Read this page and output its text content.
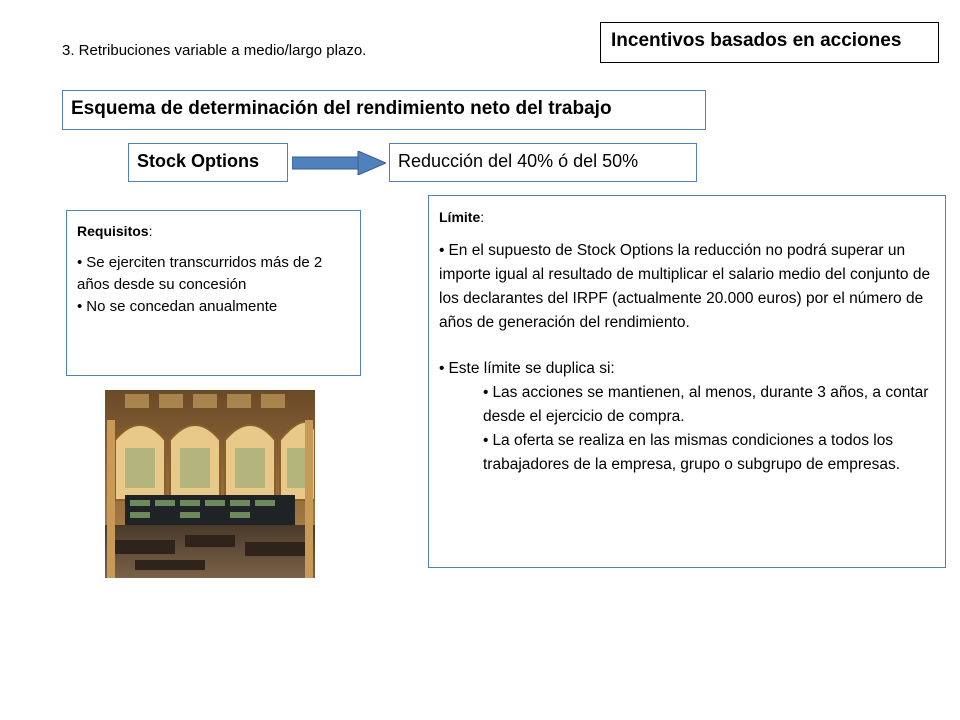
3. Retribuciones variable a medio/largo plazo.	Incentivos basados en acciones
Esquema de determinación del rendimiento neto del trabajo
Stock Options	Reducción del 40% ó del 50%
Requisitos:
• Se ejerciten transcurridos más de 2 años desde su concesión
• No se concedan anualmente
Límite:
• En el supuesto de Stock Options la reducción no podrá superar un importe igual al resultado de multiplicar el salario medio del conjunto de los declarantes del IRPF (actualmente 20.000 euros) por el número de años de generación del rendimiento.
• Este límite se duplica si:
• Las acciones se mantienen, al menos, durante 3 años, a contar desde el ejercicio de compra.
• La oferta se realiza en las mismas condiciones a todos los trabajadores de la empresa, grupo o subgrupo de empresas.
